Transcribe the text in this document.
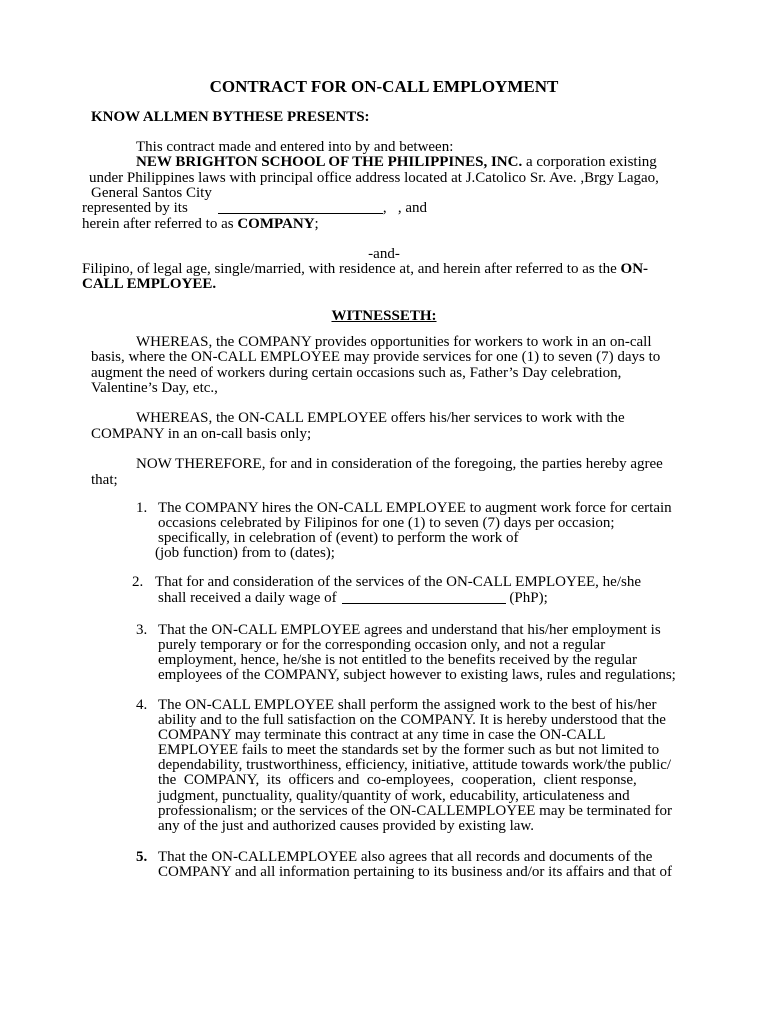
CONTRACT FOR ON-CALL EMPLOYMENT
KNOW ALLMEN BYTHESE PRESENTS:
This contract made and entered into by and between:
NEW BRIGHTON SCHOOL OF THE PHILIPPINES, INC. a corporation existing
under Philippines laws with principal office address located at J.Catolico Sr. Ave. ,Brgy Lagao,
General Santos City
represented by its	,   , and
herein after referred to as COMPANY;
-and-
Filipino, of legal age, single/married, with residence at, and herein after referred to as the ON-
CALL EMPLOYEE.
WITNESSETH:
WHEREAS, the COMPANY provides opportunities for workers to work in an on-call
basis, where the ON-CALL EMPLOYEE may provide services for one (1) to seven (7) days to
augment the need of workers during certain occasions such as, Father’s Day celebration,
Valentine’s Day, etc.,
WHEREAS, the ON-CALL EMPLOYEE offers his/her services to work with the
COMPANY in an on-call basis only;
NOW THEREFORE, for and in consideration of the foregoing, the parties hereby agree
that;
1. The COMPANY hires the ON-CALL EMPLOYEE to augment work force for certain
occasions celebrated by Filipinos for one (1) to seven (7) days per occasion;
specifically, in celebration of (event) to perform the work of
(job function) from to (dates);
2. That for and consideration of the services of the ON-CALL EMPLOYEE, he/she
shall received a daily wage of	(PhP);
3. That the ON-CALL EMPLOYEE agrees and understand that his/her employment is
purely temporary or for the corresponding occasion only, and not a regular
employment, hence, he/she is not entitled to the benefits received by the regular
employees of the COMPANY, subject however to existing laws, rules and regulations;
4. The ON-CALL EMPLOYEE shall perform the assigned work to the best of his/her
ability and to the full satisfaction on the COMPANY. It is hereby understood that the
COMPANY may terminate this contract at any time in case the ON-CALL
EMPLOYEE fails to meet the standards set by the former such as but not limited to
dependability, trustworthiness, efficiency, initiative, attitude towards work/the public/
the  COMPANY,  its  officers and  co-employees,  cooperation,  client response,
judgment, punctuality, quality/quantity of work, educability, articulateness and
professionalism; or the services of the ON-CALLEMPLOYEE may be terminated for
any of the just and authorized causes provided by existing law.
5. That the ON-CALLEMPLOYEE also agrees that all records and documents of the
COMPANY and all information pertaining to its business and/or its affairs and that of
